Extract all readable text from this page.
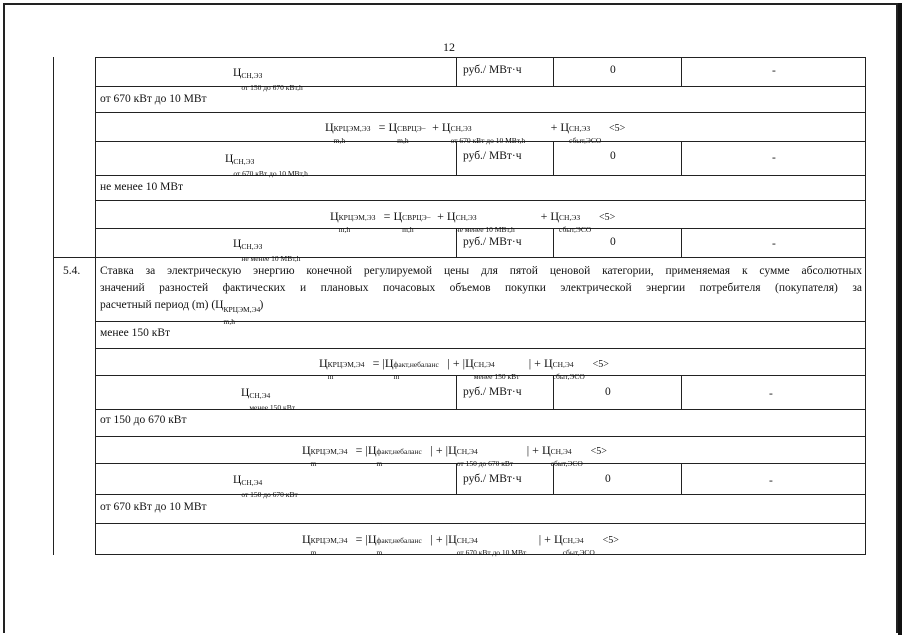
12
Ц СН,ЭЗ
от 150 до 670 кВт,h
руб./ МВт·ч	0	-
от 670 кВт до 10 МВт
Ц КРЦЭМ,ЭЗ
m,h
= Ц СВРЦЭ−
m,h
+ Ц СН,ЭЗ
от 670 кВт до 10 МВт,h
+ Ц СН,ЭЗ
сбыт,ЭСО
<5>
Ц СН,ЭЗ
от 670 кВт до 10 МВт,h
руб./ МВт·ч	0	-
не менее 10 МВт
Ц КРЦЭМ,ЭЗ
m,h
= Ц СВРЦЭ−
m,h
+ Ц СН,ЭЗ
не менее 10 МВт,h
+ Ц СН,ЭЗ
сбыт,ЭСО
<5>
Ц СН,ЭЗ
не менее 10 МВт,h
руб./ МВт·ч	0	-
5.4. Ставка за электрическую энергию конечной регулируемой цены для пятой ценовой категории, применяемая к сумме абсолютных
значений разностей фактических и плановых почасовых объемов покупки электрической энергии потребителя (покупателя) за
расчетный период (m) (Ц КРЦЭМ,Э4
m,h
)
менее 150 кВт
Ц КРЦЭМ,Э4
m
= |Ц факт,небаланс
m
| + |Ц СН,Э4
менее 150 кВт
| + Ц СН,Э4
сбыт,ЭСО
<5>
Ц СН,Э4
менее 150 кВт
руб./ МВт·ч	0	-
от 150 до 670 кВт
Ц КРЦЭМ,Э4
m
= |Ц факт,небаланс
m
| + |Ц СН,Э4
от 150 до 670 кВт
| + Ц СН,Э4
сбыт,ЭСО
<5>
Ц СН,Э4
от 150 до 670 кВт
руб./ МВт·ч	0	-
от 670 кВт до 10 МВт
Ц КРЦЭМ,Э4
m
= |Ц факт,небаланс
m
| + |Ц СН,Э4
от 670 кВт до 10 МВт
| + Ц СН,Э4
сбыт,ЭСО
<5>
